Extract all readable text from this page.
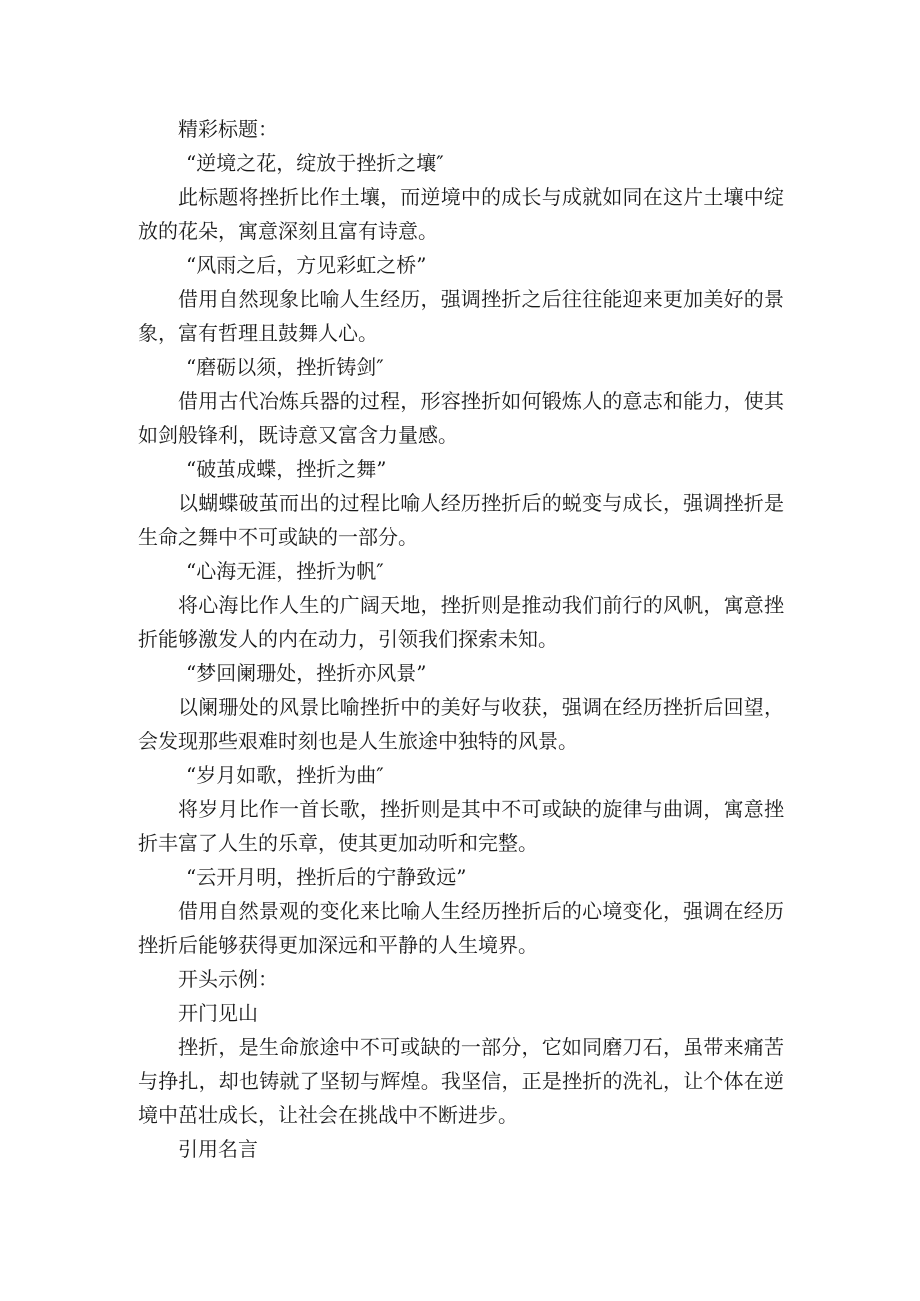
精彩标题：

“逆境之花，绽放于挫折之壤″

此标题将挫折比作土壤，而逆境中的成长与成就如同在这片土壤中绽放的花朵，寓意深刻且富有诗意。

“风雨之后，方见彩虹之桥”

借用自然现象比喻人生经历，强调挫折之后往往能迎来更加美好的景象，富有哲理且鼓舞人心。

“磨砺以须，挫折铸剑″

借用古代冶炼兵器的过程，形容挫折如何锻炼人的意志和能力，使其如剑般锋利，既诗意又富含力量感。

“破茧成蝶，挫折之舞”

以蝴蝶破茧而出的过程比喻人经历挫折后的蜕变与成长，强调挫折是生命之舞中不可或缺的一部分。

“心海无涯，挫折为帆″

将心海比作人生的广阔天地，挫折则是推动我们前行的风帆，寓意挫折能够激发人的内在动力，引领我们探索未知。

“梦回阑珊处，挫折亦风景”

以阑珊处的风景比喻挫折中的美好与收获，强调在经历挫折后回望，会发现那些艰难时刻也是人生旅途中独特的风景。

“岁月如歌，挫折为曲″

将岁月比作一首长歌，挫折则是其中不可或缺的旋律与曲调，寓意挫折丰富了人生的乐章，使其更加动听和完整。

“云开月明，挫折后的宁静致远”

借用自然景观的变化来比喻人生经历挫折后的心境变化，强调在经历挫折后能够获得更加深远和平静的人生境界。

开头示例：

开门见山

挫折，是生命旅途中不可或缺的一部分，它如同磨刀石，虽带来痛苦与挣扎，却也铸就了坚韧与辉煌。我坚信，正是挫折的洗礼，让个体在逆境中茁壮成长，让社会在挑战中不断进步。

引用名言
